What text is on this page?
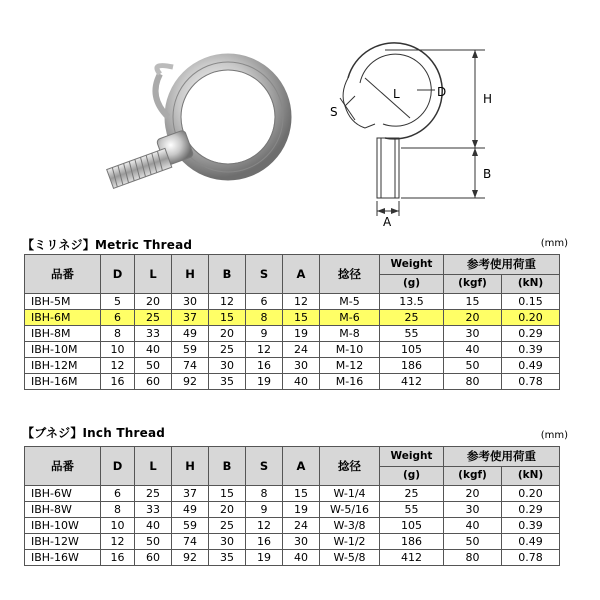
L	D	H
S
B
A
【ミリネジ】Metric Thread	(mm)
品番	D	L	H	B	S	A	捻径	Weight	参考使用荷重	
								(g)	(kgf)	(kN)
IBH-5M	5	20	30	12	6	12	M-5	13.5	15	0.15
IBH-6M	6	25	37	15	8	15	M-6	25	20	0.20
IBH-8M	8	33	49	20	9	19	M-8	55	30	0.29
IBH-10M	10	40	59	25	12	24	M-10	105	40	0.39
IBH-12M	12	50	74	30	16	30	M-12	186	50	0.49
IBH-16M	16	60	92	35	19	40	M-16	412	80	0.78
【ブネジ】Inch Thread	(mm)
品番	D	L	H	B	S	A	捻径	Weight	参考使用荷重	
								(g)	(kgf)	(kN)
IBH-6W	6	25	37	15	8	15	W-1/4	25	20	0.20
IBH-8W	8	33	49	20	9	19	W-5/16	55	30	0.29
IBH-10W	10	40	59	25	12	24	W-3/8	105	40	0.39
IBH-12W	12	50	74	30	16	30	W-1/2	186	50	0.49
IBH-16W	16	60	92	35	19	40	W-5/8	412	80	0.78
